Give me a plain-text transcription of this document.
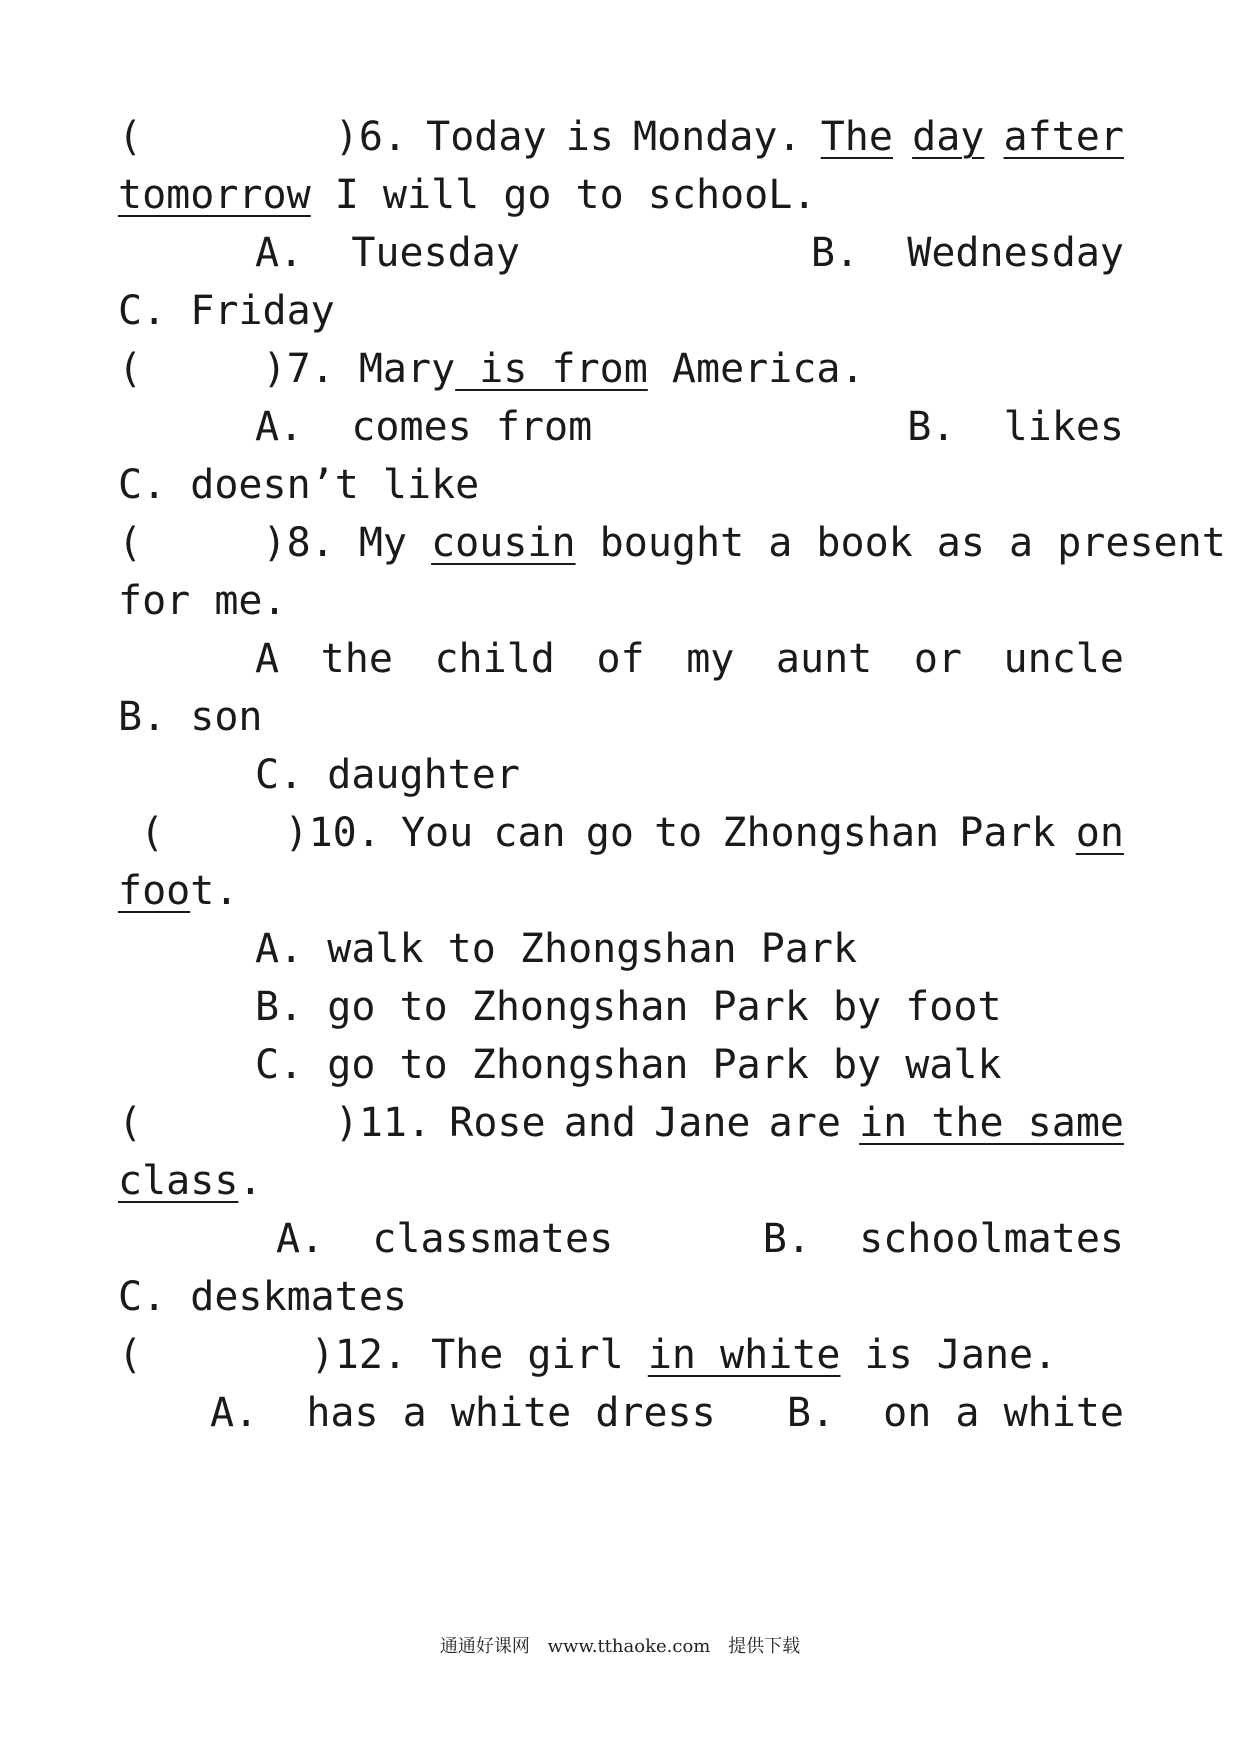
(        )6. Today is Monday. The day after
tomorrow I will go to schooL.
A.  Tuesday	B.  Wednesday
C. Friday
(     )7. Mary is from America.
A.  comes from	B.  likes
C. doesn’t like
(     )8. My cousin bought a book as a present
for me.
A the child of my aunt or uncle
B. son
C. daughter
(     )10. You can go to Zhongshan Park on
foot.
A. walk to Zhongshan Park
B. go to Zhongshan Park by foot
C. go to Zhongshan Park by walk
(        )11. Rose and Jane are in the same
class.
A.  classmates	B.  schoolmates
C. deskmates
(       )12. The girl in white is Jane.
A.  has a white dress B.  on a white
通通好课网 www.tthaoke.com 提供下载
